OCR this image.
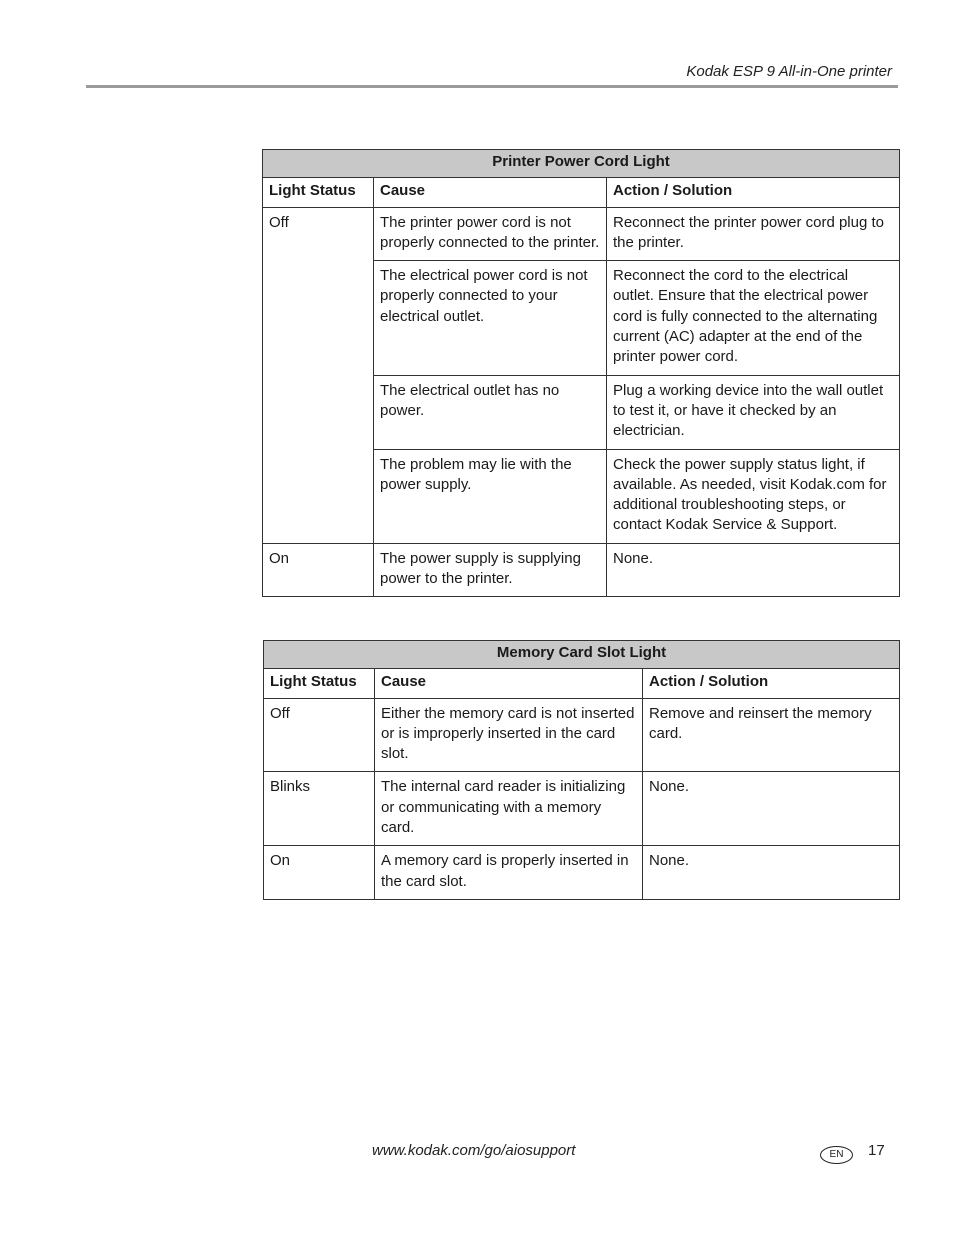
Kodak ESP 9 All-in-One printer
Printer Power Cord Light		
Light Status	Cause	Action / Solution
Off	The printer power cord is not properly connected to the printer.	Reconnect the printer power cord plug to the printer.
	The electrical power cord is not properly connected to your electrical outlet.	Reconnect the cord to the electrical outlet. Ensure that the electrical power cord is fully connected to the alternating current (AC) adapter at the end of the printer power cord.
	The electrical outlet has no power.	Plug a working device into the wall outlet to test it, or have it checked by an electrician.
	The problem may lie with the power supply.	Check the power supply status light, if available. As needed, visit Kodak.com for additional troubleshooting steps, or contact Kodak Service & Support.
On	The power supply is supplying power to the printer.	None.
Memory Card Slot Light		
Light Status	Cause	Action / Solution
Off	Either the memory card is not inserted or is improperly inserted in the card slot.	Remove and reinsert the memory card.
Blinks	The internal card reader is initializing or communicating with a memory card.	None.
On	A memory card is properly inserted in the card slot.	None.
www.kodak.com/go/aiosupport	EN	17
